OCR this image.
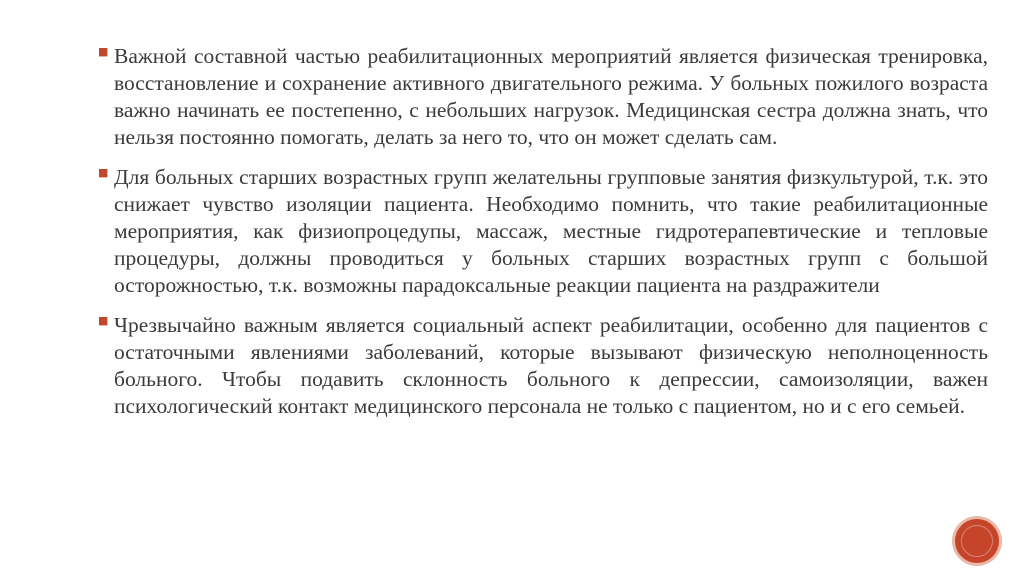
■ Важной составной частью реабилитационных мероприятий является физическая тренировка, восстановление и сохранение активного двигательного режима. У больных пожилого возраста важно начинать ее постепенно, с небольших нагрузок. Медицинская сестра должна знать, что нельзя постоянно помогать, делать за него то, что он может сделать сам.
■ Для больных старших возрастных групп желательны групповые занятия физкультурой, т.к. это снижает чувство изоляции пациента. Необходимо помнить, что такие реабилитационные мероприятия, как физиопроцедупы, массаж, местные гидротерапевтические и тепловые процедуры, должны проводиться у больных старших возрастных групп с большой осторожностью, т.к. возможны парадоксальные реакции пациента на раздражители
■ Чрезвычайно важным является социальный аспект реабилитации, особенно для пациентов с остаточными явлениями заболеваний, которые вызывают физическую неполноценность больного. Чтобы подавить склонность больного к депрессии, самоизоляции, важен психологический контакт медицинского персонала не только с пациентом, но и с его семьей.
